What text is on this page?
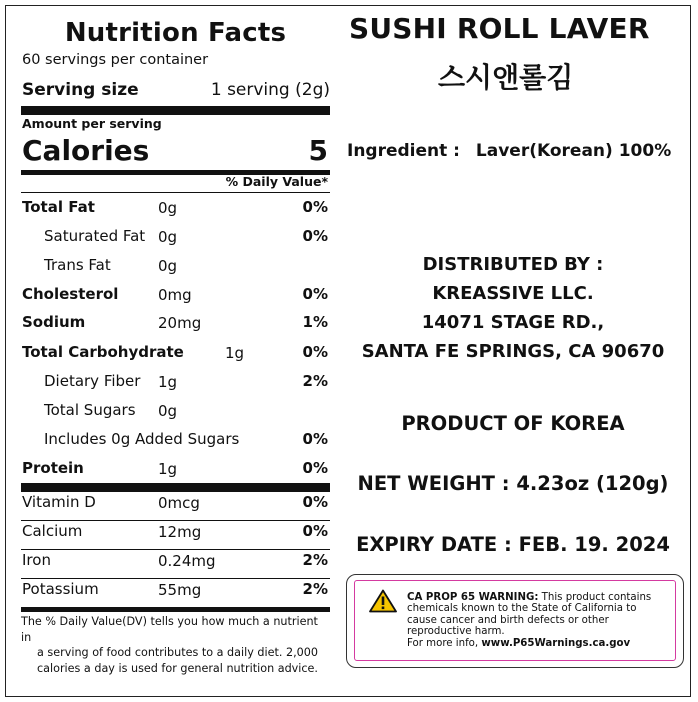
Nutrition Facts
60 servings per container
Serving size	1 serving (2g)
Amount per serving
Calories	5
% Daily Value*
Total Fat	0g	0%
Saturated Fat 0g	0%
Trans Fat	0g
Cholesterol	0mg	0%
Sodium	20mg	1%
Total Carbohydrate	1g	0%
Dietary Fiber 1g	2%
Total Sugars 0g
Includes 0g Added Sugars	0%
Protein	1g	0%
Vitamin D	0mcg	0%
Calcium	12mg	0%
Iron	0.24mg	2%
Potassium	55mg	2%
The % Daily Value(DV) tells you how much a nutrient in
a serving of food contributes to a daily diet. 2,000
calories a day is used for general nutrition advice.
SUSHI ROLL LAVER
스시앤롤김
Ingredient : Laver(Korean) 100%
DISTRIBUTED BY :
KREASSIVE LLC.
14071 STAGE RD.,
SANTA FE SPRINGS, CA 90670
PRODUCT OF KOREA
NET WEIGHT : 4.23oz (120g)
EXPIRY DATE : FEB. 19. 2024
CA PROP 65 WARNING: This product contains
chemicals known to the State of California to
cause cancer and birth defects or other
reproductive harm.
For more info, www.P65Warnings.ca.gov
